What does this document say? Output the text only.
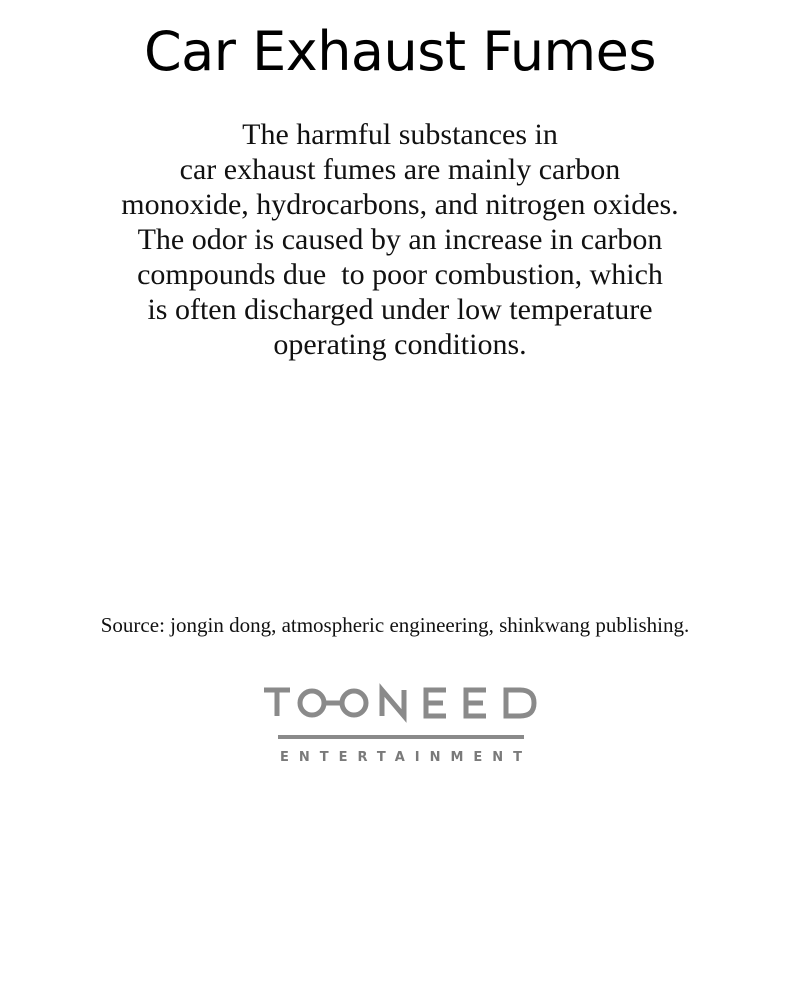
Car Exhaust Fumes
The harmful substances in
car exhaust fumes are mainly carbon
monoxide, hydrocarbons, and nitrogen oxides.
The odor is caused by an increase in carbon
compounds due  to poor combustion, which
is often discharged under low temperature
operating conditions.
Source: jongin dong, atmospheric engineering, shinkwang publishing.
ENTERTAINMENT
